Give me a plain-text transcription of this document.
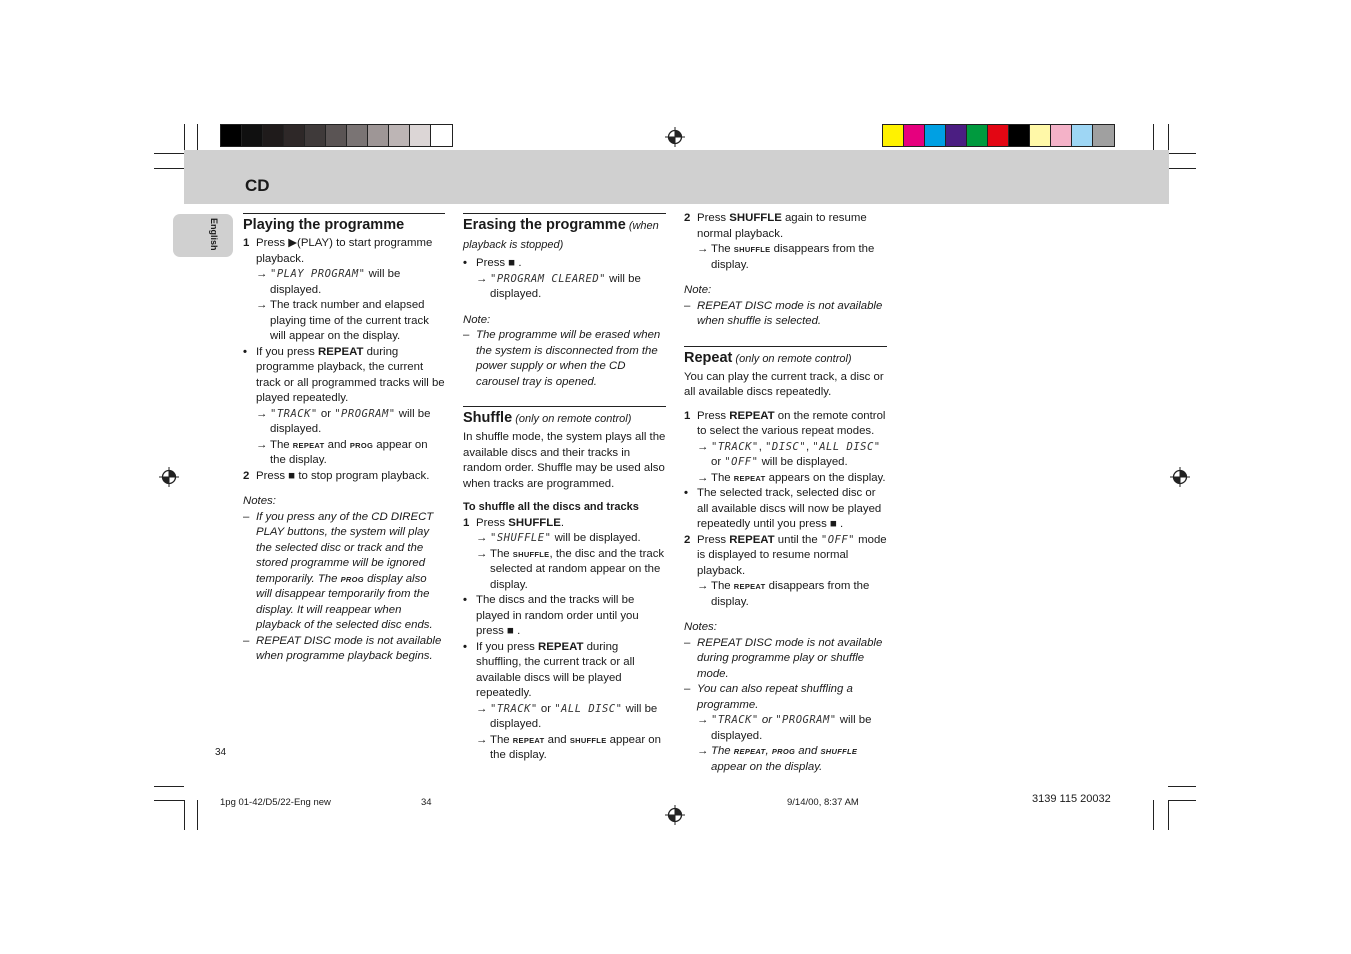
CD
English Playing the programme
1 Press ▶(PLAY) to start programme playback.
→ "PLAY PROGRAM" will be displayed.
→ The track number and elapsed playing time of the current track will appear on the display.
• If you press REPEAT during programme playback, the current track or all programmed tracks will be played repeatedly.
→ "TRACK" or "PROGRAM" will be displayed.
→ The REPEAT and PROG appear on the display.
2 Press ■ to stop program playback.

Notes:

– If you press any of the CD DIRECT PLAY buttons, the system will play the selected disc or track and the stored programme will be ignored temporarily. The PROG display also will disappear temporarily from the display. It will reappear when playback of the selected disc ends.
– REPEAT DISC mode is not available when programme playback begins.
Erasing the programme (when playback is stopped)
• Press ■ .
→ "PROGRAM CLEARED" will be displayed.

Note:

– The programme will be erased when the system is disconnected from the power supply or when the CD carousel tray is opened.
Shuffle (only on remote control)

In shuffle mode, the system plays all the available discs and their tracks in random order. Shuffle may be used also when tracks are programmed.

To shuffle all the discs and tracks

1 Press SHUFFLE.
→ "SHUFFLE" will be displayed.
→ The SHUFFLE, the disc and the track selected at random appear on the display.
• The discs and the tracks will be played in random order until you press ■ .
• If you press REPEAT during shuffling, the current track or all available discs will be played repeatedly.
→ "TRACK" or "ALL DISC" will be displayed.
→ The REPEAT and SHUFFLE appear on the display.
2 Press SHUFFLE again to resume normal playback.
→ The SHUFFLE disappears from the display.

Note:

– REPEAT DISC mode is not available when shuffle is selected.
Repeat (only on remote control)

You can play the current track, a disc or all available discs repeatedly.

1 Press REPEAT on the remote control to select the various repeat modes.
→ "TRACK", "DISC", "ALL DISC" or "OFF" will be displayed.
→ The REPEAT appears on the display.
• The selected track, selected disc or all available discs will now be played repeatedly until you press ■ .
2 Press REPEAT until the "OFF" mode is displayed to resume normal playback.
→ The REPEAT disappears from the display.

Notes:

– REPEAT DISC mode is not available during programme play or shuffle mode.
– You can also repeat shuffling a programme.
→ "TRACK" or "PROGRAM" will be displayed.
→ The REPEAT, PROG and SHUFFLE appear on the display.
34
1pg 01-42/D5/22-Eng new	34	9/14/00, 8:37 AM	3139 115 20032
